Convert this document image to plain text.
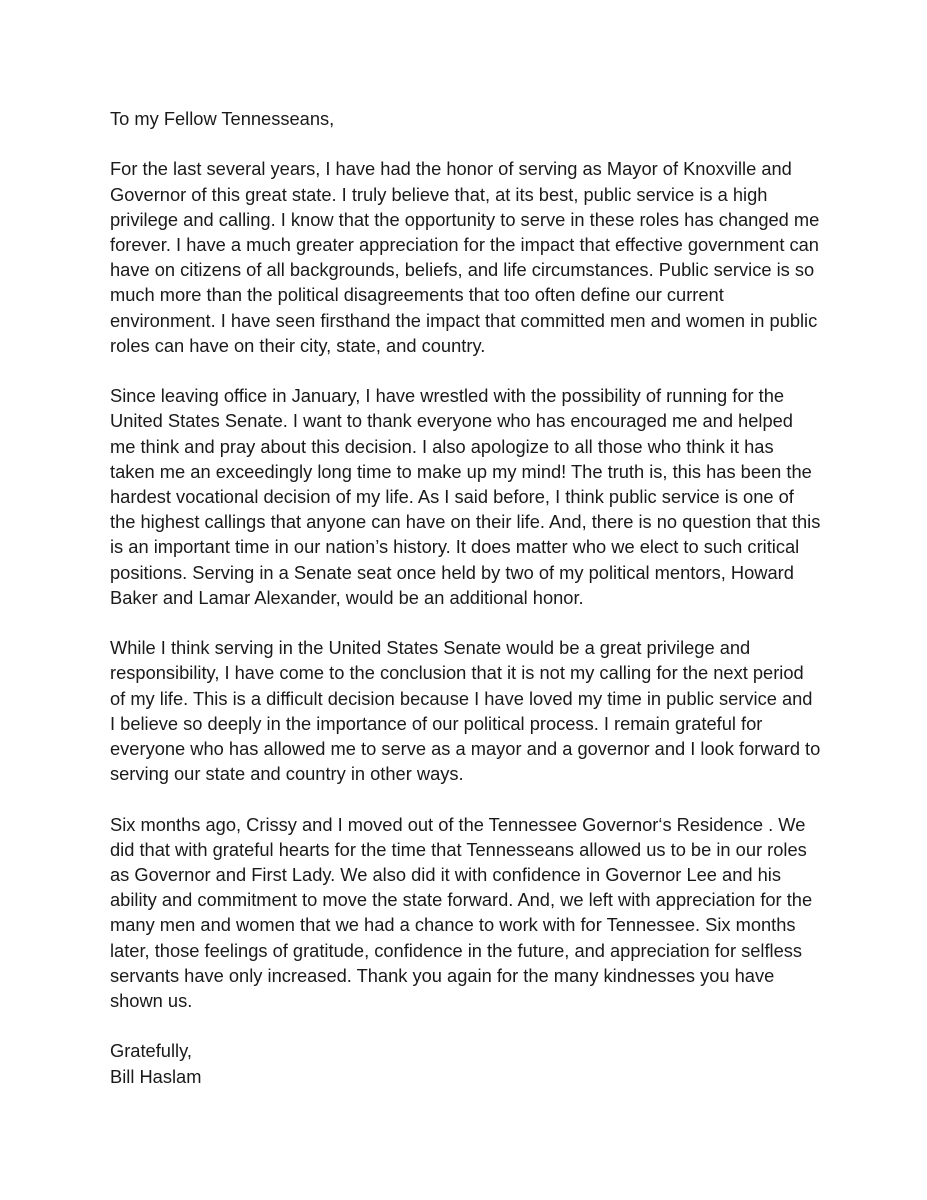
To my Fellow Tennesseans,

For the last several years, I have had the honor of serving as Mayor of Knoxville and
Governor of this great state. I truly believe that, at its best, public service is a high
privilege and calling. I know that the opportunity to serve in these roles has changed me
forever. I have a much greater appreciation for the impact that effective government can
have on citizens of all backgrounds, beliefs, and life circumstances. Public service is so
much more than the political disagreements that too often define our current
environment. I have seen firsthand the impact that committed men and women in public
roles can have on their city, state, and country.

Since leaving office in January, I have wrestled with the possibility of running for the
United States Senate. I want to thank everyone who has encouraged me and helped
me think and pray about this decision. I also apologize to all those who think it has
taken me an exceedingly long time to make up my mind! The truth is, this has been the
hardest vocational decision of my life. As I said before, I think public service is one of
the highest callings that anyone can have on their life. And, there is no question that this
is an important time in our nation’s history. It does matter who we elect to such critical
positions. Serving in a Senate seat once held by two of my political mentors, Howard
Baker and Lamar Alexander, would be an additional honor.

While I think serving in the United States Senate would be a great privilege and
responsibility, I have come to the conclusion that it is not my calling for the next period
of my life. This is a difficult decision because I have loved my time in public service and
I believe so deeply in the importance of our political process. I remain grateful for
everyone who has allowed me to serve as a mayor and a governor and I look forward to
serving our state and country in other ways.

Six months ago, Crissy and I moved out of the Tennessee Governor‘s Residence . We
did that with grateful hearts for the time that Tennesseans allowed us to be in our roles
as Governor and First Lady. We also did it with confidence in Governor Lee and his
ability and commitment to move the state forward. And, we left with appreciation for the
many men and women that we had a chance to work with for Tennessee. Six months
later, those feelings of gratitude, confidence in the future, and appreciation for selfless
servants have only increased. Thank you again for the many kindnesses you have
shown us.

Gratefully,
Bill Haslam
